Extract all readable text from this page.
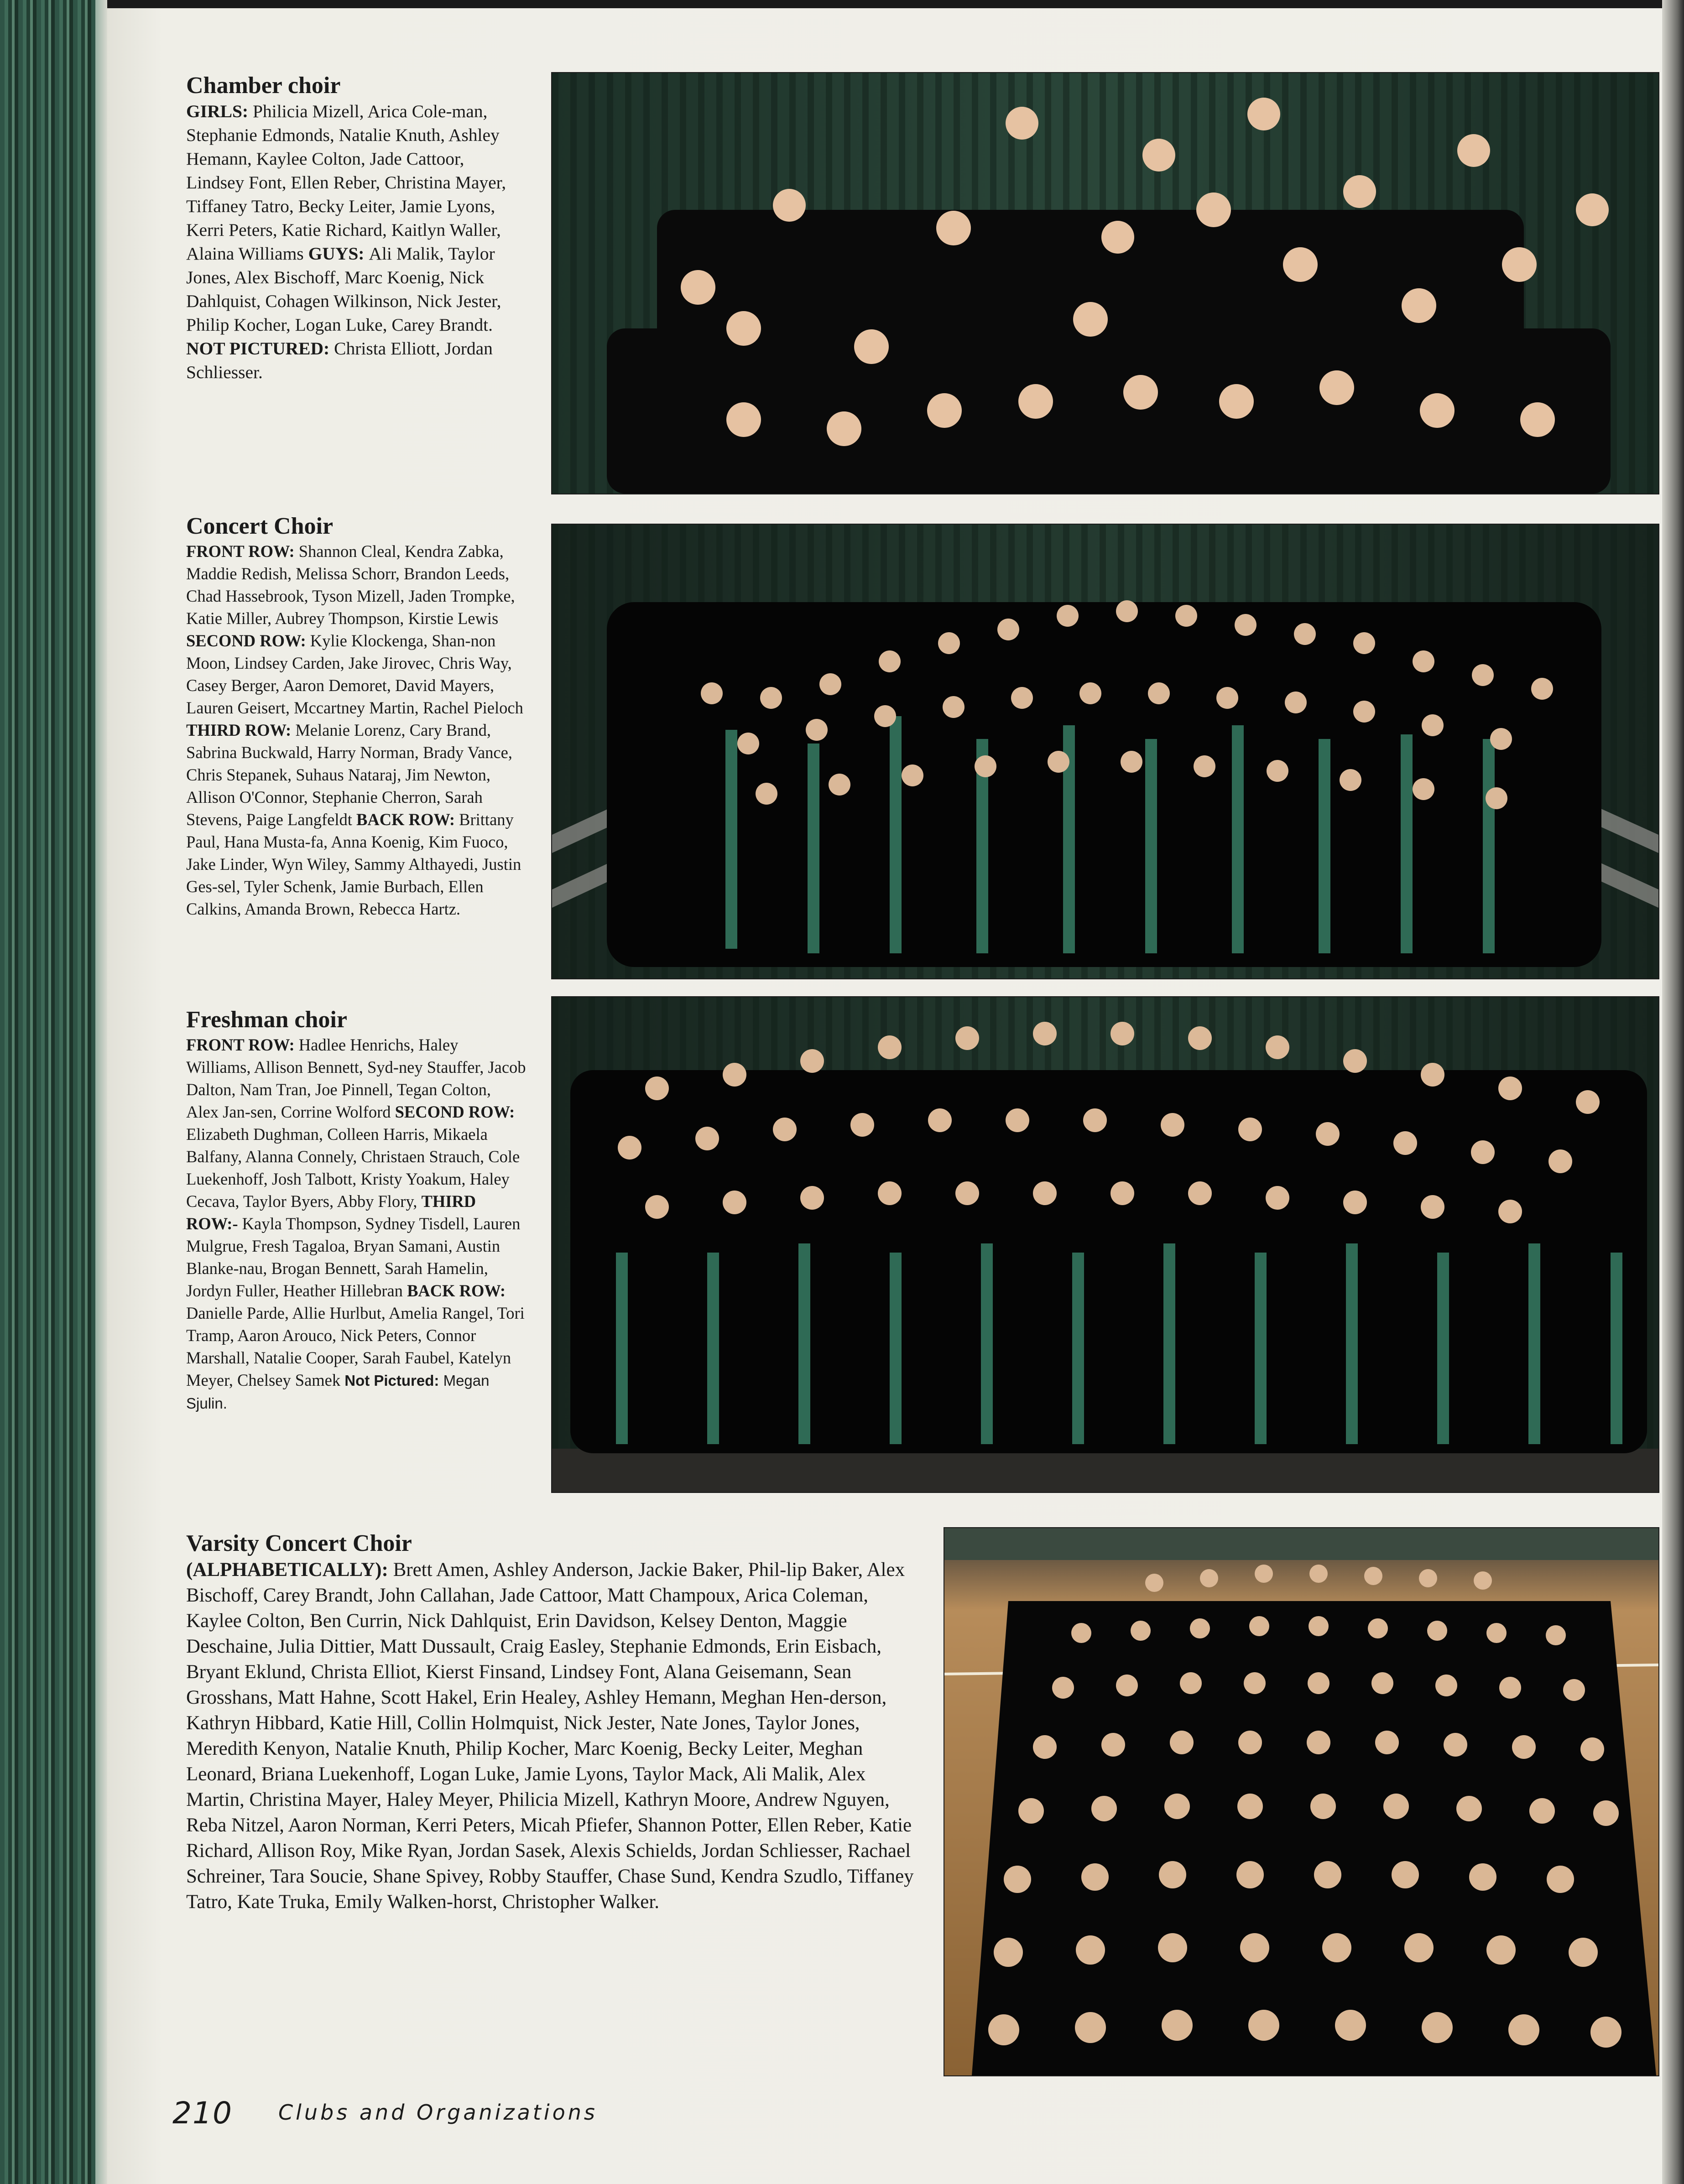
Chamber choir
GIRLS: Philicia Mizell, Arica Cole-man, Stephanie Edmonds, Natalie Knuth, Ashley Hemann, Kaylee Colton, Jade Cattoor, Lindsey Font, Ellen Reber, Christina Mayer, Tiffaney Tatro, Becky Leiter, Jamie Lyons, Kerri Peters, Katie Richard, Kaitlyn Waller, Alaina Williams GUYS: Ali Malik, Taylor Jones, Alex Bischoff, Marc Koenig, Nick Dahlquist, Cohagen Wilkinson, Nick Jester, Philip Kocher, Logan Luke, Carey Brandt. NOT PICTURED: Christa Elliott, Jordan Schliesser.
Concert Choir
FRONT ROW: Shannon Cleal, Kendra Zabka, Maddie Redish, Melissa Schorr, Brandon Leeds, Chad Hassebrook, Tyson Mizell, Jaden Trompke, Katie Miller, Aubrey Thompson, Kirstie Lewis SECOND ROW: Kylie Klockenga, Shan-non Moon, Lindsey Carden, Jake Jirovec, Chris Way, Casey Berger, Aaron Demoret, David Mayers, Lauren Geisert, Mccartney Martin, Rachel Pieloch THIRD ROW: Melanie Lorenz, Cary Brand, Sabrina Buckwald, Harry Norman, Brady Vance, Chris Stepanek, Suhaus Nataraj, Jim Newton, Allison O'Connor, Stephanie Cherron, Sarah Stevens, Paige Langfeldt BACK ROW: Brittany Paul, Hana Musta-fa, Anna Koenig, Kim Fuoco, Jake Linder, Wyn Wiley, Sammy Althayedi, Justin Ges-sel, Tyler Schenk, Jamie Burbach, Ellen Calkins, Amanda Brown, Rebecca Hartz.
Freshman choir
FRONT ROW: Hadlee Henrichs, Haley Williams, Allison Bennett, Syd-ney Stauffer, Jacob Dalton, Nam Tran, Joe Pinnell, Tegan Colton, Alex Jan-sen, Corrine Wolford SECOND ROW: Elizabeth Dughman, Colleen Harris, Mikaela Balfany, Alanna Connely, Christaen Strauch, Cole Luekenhoff, Josh Talbott, Kristy Yoakum, Haley Cecava, Taylor Byers, Abby Flory, THIRD ROW:- Kayla Thompson, Sydney Tisdell, Lauren Mulgrue, Fresh Tagaloa, Bryan Samani, Austin Blanke-nau, Brogan Bennett, Sarah Hamelin, Jordyn Fuller, Heather Hillebran BACK ROW: Danielle Parde, Allie Hurlbut, Amelia Rangel, Tori Tramp, Aaron Arouco, Nick Peters, Connor Marshall, Natalie Cooper, Sarah Faubel, Katelyn Meyer, Chelsey Samek Not Pictured: Megan Sjulin.
Varsity Concert Choir
(ALPHABETICALLY): Brett Amen, Ashley Anderson, Jackie Baker, Phil-lip Baker, Alex Bischoff, Carey Brandt, John Callahan, Jade Cattoor, Matt Champoux, Arica Coleman, Kaylee Colton, Ben Currin, Nick Dahlquist, Erin Davidson, Kelsey Denton, Maggie Deschaine, Julia Dittier, Matt Dussault, Craig Easley, Stephanie Edmonds, Erin Eisbach, Bryant Eklund, Christa Elliot, Kierst Finsand, Lindsey Font, Alana Geisemann, Sean Grosshans, Matt Hahne, Scott Hakel, Erin Healey, Ashley Hemann, Meghan Hen-derson, Kathryn Hibbard, Katie Hill, Collin Holmquist, Nick Jester, Nate Jones, Taylor Jones, Meredith Kenyon, Natalie Knuth, Philip Kocher, Marc Koenig, Becky Leiter, Meghan Leonard, Briana Luekenhoff, Logan Luke, Jamie Lyons, Taylor Mack, Ali Malik, Alex Martin, Christina Mayer, Haley Meyer, Philicia Mizell, Kathryn Moore, Andrew Nguyen, Reba Nitzel, Aaron Norman, Kerri Peters, Micah Pfiefer, Shannon Potter, Ellen Reber, Katie Richard, Allison Roy, Mike Ryan, Jordan Sasek, Alexis Schields, Jordan Schliesser, Rachael Schreiner, Tara Soucie, Shane Spivey, Robby Stauffer, Chase Sund, Kendra Szudlo, Tiffaney Tatro, Kate Truka, Emily Walken-horst, Christopher Walker.
210 Clubs and Organizations
